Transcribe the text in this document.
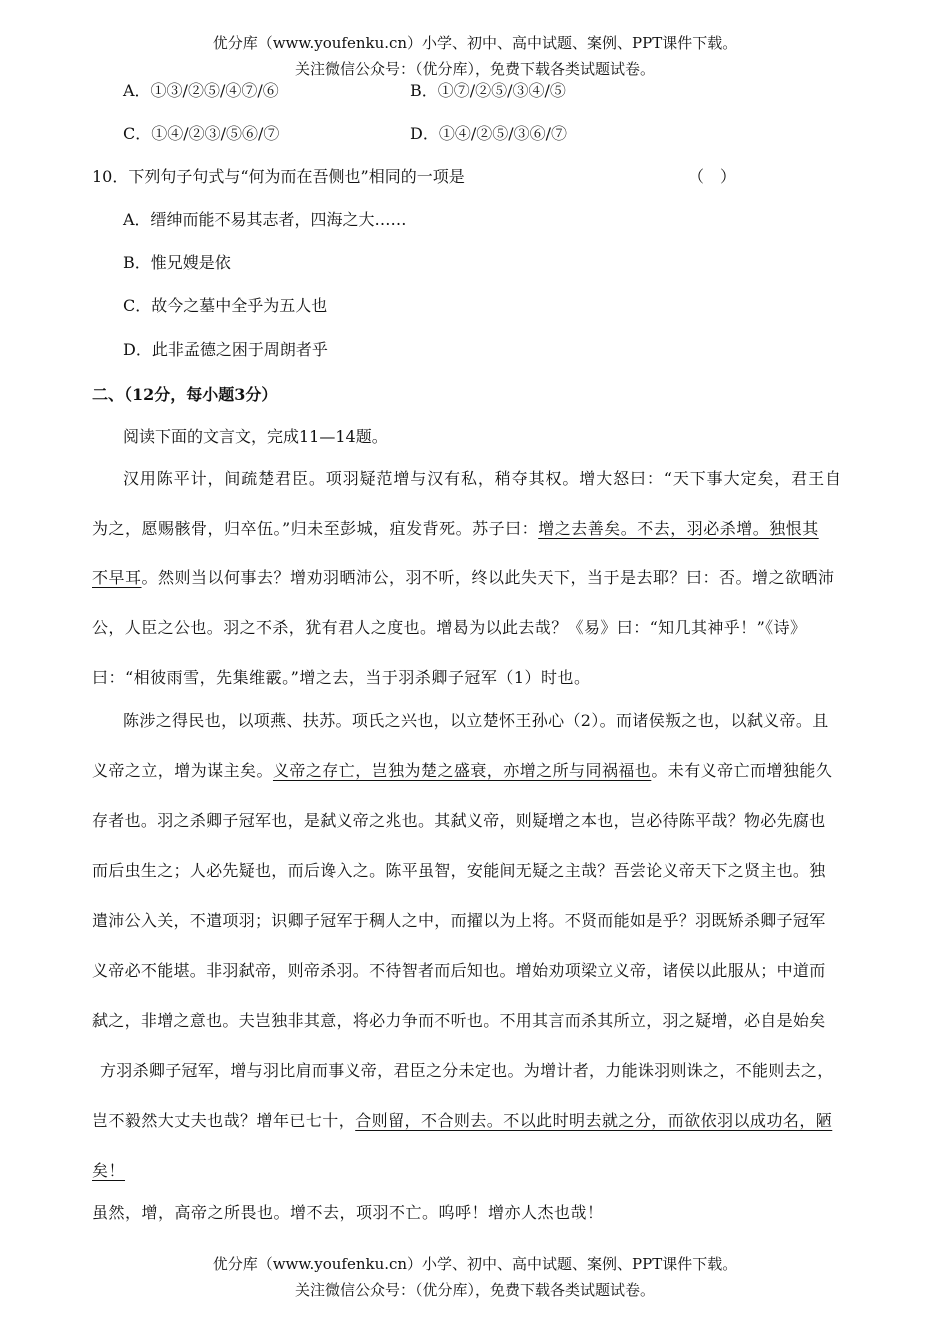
优分库（www.youfenku.cn）小学、初中、高中试题、案例、PPT课件下载。
关注微信公众号：（优分库），免费下载各类试题试卷。
A．①③/②⑤/④⑦/⑥	B．①⑦/②⑤/③④/⑤
C．①④/②③/⑤⑥/⑦	D．①④/②⑤/③⑥/⑦
10．下列句子句式与“何为而在吾侧也”相同的一项是	（　）
A．缙绅而能不易其志者，四海之大……
B．惟兄嫂是依
C．故今之墓中全乎为五人也
D．此非孟德之困于周朗者乎
二、（12分，每小题3分）
阅读下面的文言文，完成11—14题。
汉用陈平计，间疏楚君臣。项羽疑范增与汉有私，稍夺其权。增大怒曰：“天下事大定矣，君王自
为之，愿赐骸骨，归卒伍。”归未至彭城，疽发背死。苏子曰：增之去善矣。不去，羽必杀增。独恨其
不早耳。然则当以何事去？增劝羽晒沛公，羽不听，终以此失天下，当于是去耶？曰：否。增之欲晒沛
公，人臣之公也。羽之不杀，犹有君人之度也。增曷为以此去哉？《易》曰：“知几其神乎！”《诗》
曰：“相彼雨雪，先集维霰。”增之去，当于羽杀卿子冠军（1）时也。
陈涉之得民也，以项燕、扶苏。项氏之兴也，以立楚怀王孙心（2）。而诸侯叛之也，以弑义帝。且
义帝之立，增为谋主矣。义帝之存亡，岂独为楚之盛衰，亦增之所与同祸福也。未有义帝亡而增独能久
存者也。羽之杀卿子冠军也，是弑义帝之兆也。其弑义帝，则疑增之本也，岂必待陈平哉？物必先腐也
而后虫生之；人必先疑也，而后谗入之。陈平虽智，安能间无疑之主哉？吾尝论义帝天下之贤主也。独
遣沛公入关，不遣项羽；识卿子冠军于稠人之中，而擢以为上将。不贤而能如是乎？羽既矫杀卿子冠军
义帝必不能堪。非羽弑帝，则帝杀羽。不待智者而后知也。增始劝项梁立义帝，诸侯以此服从；中道而
弑之，非增之意也。夫岂独非其意，将必力争而不听也。不用其言而杀其所立，羽之疑增，必自是始矣
方羽杀卿子冠军，增与羽比肩而事义帝，君臣之分未定也。为增计者，力能诛羽则诛之，不能则去之，
岂不毅然大丈夫也哉？增年已七十，合则留，不合则去。不以此时明去就之分，而欲依羽以成功名，陋
矣！
虽然，增，高帝之所畏也。增不去，项羽不亡。呜呼！增亦人杰也哉！
优分库（www.youfenku.cn）小学、初中、高中试题、案例、PPT课件下载。
关注微信公众号：（优分库），免费下载各类试题试卷。
